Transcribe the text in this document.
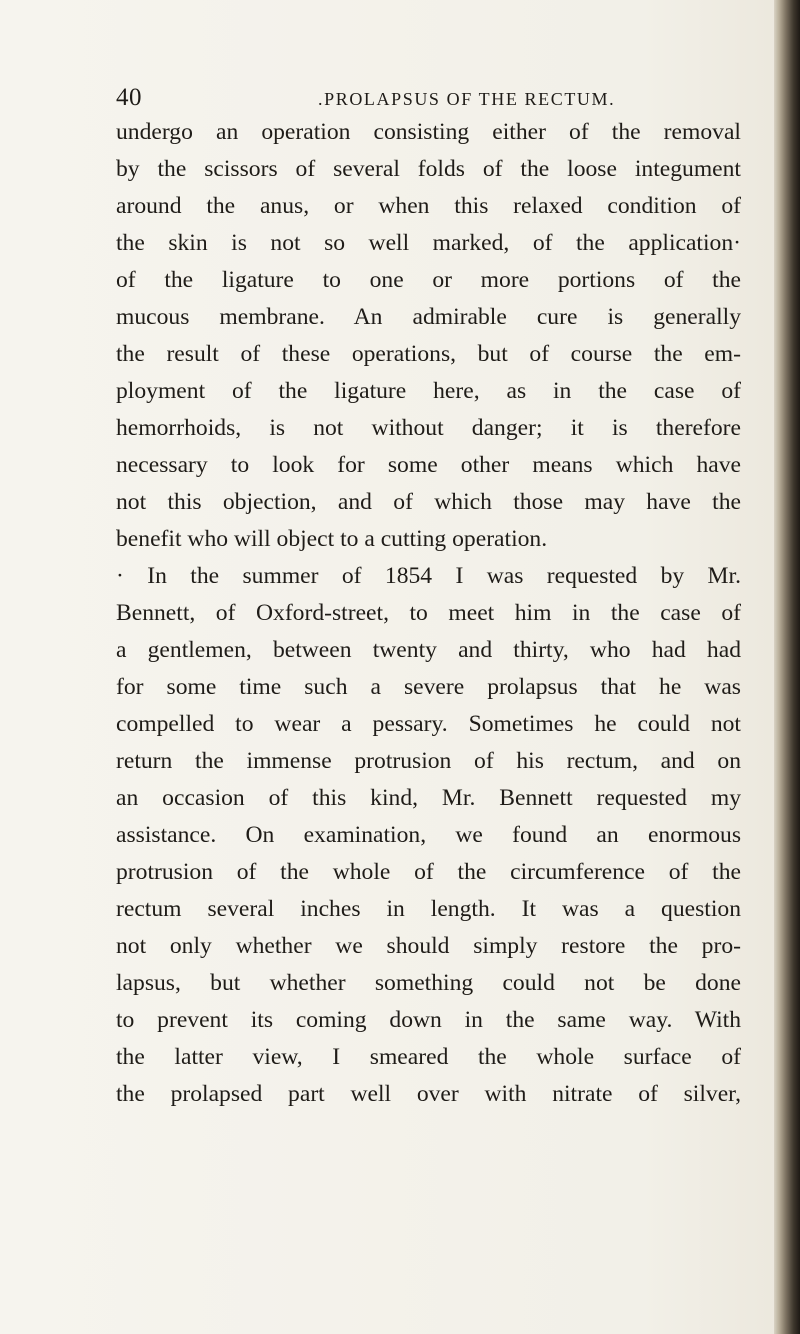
40	.PROLAPSUS OF THE RECTUM.
undergo an operation consisting either of the removal
by the scissors of several folds of the loose integument
around the anus, or when this relaxed condition of
the skin is not so well marked, of the application·
of the ligature to one or more portions of the
mucous membrane. An admirable cure is generally
the result of these operations, but of course the em-
ployment of the ligature here, as in the case of
hemorrhoids, is not without danger; it is therefore
necessary to look for some other means which have
not this objection, and of which those may have the
benefit who will object to a cutting operation.
· In the summer of 1854 I was requested by Mr.
Bennett, of Oxford-street, to meet him in the case of
a gentlemen, between twenty and thirty, who had had
for some time such a severe prolapsus that he was
compelled to wear a pessary. Sometimes he could not
return the immense protrusion of his rectum, and on
an occasion of this kind, Mr. Bennett requested my
assistance. On examination, we found an enormous
protrusion of the whole of the circumference of the
rectum several inches in length. It was a question
not only whether we should simply restore the pro-
lapsus, but whether something could not be done
to prevent its coming down in the same way. With
the latter view, I smeared the whole surface of
the prolapsed part well over with nitrate of silver,
